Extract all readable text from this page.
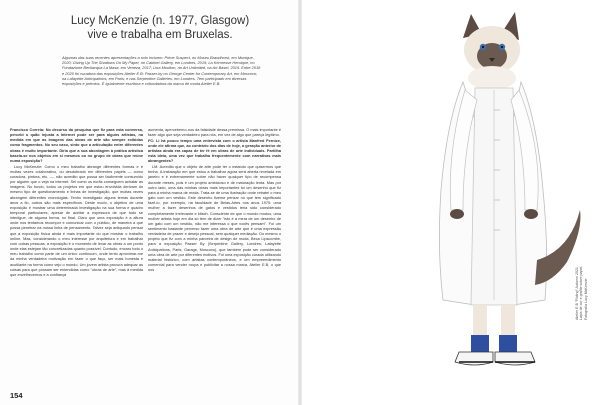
Lucy McKenzie (n. 1977, Glasgow)
vive e trabalha em Bruxelas.

Algumas das suas recentes apresentações a solo incluem: Prime Suspect, no Museu Brandhorst, em Munique, 2020; Giving Up The Shadows On My Paper, no Cabinet Gallery, em Londres, 2019; La Kermesse Heroique, no Fondazione Bevilacqua La Masa, em Veneza, 2017; Lina Moulton, no Art Unlimited, na Art Basel, 2016. Entre 2018 e 2020 foi curadora das exposições Atelier E.B: Passer-by no George Center for Contemporary Art, em Moscovo; na Lafayette Anticipations, em Paris; e nas Serpentine Galleries, em Londres. Tem participado em diversas exposições e prémios. É igualmente escritora e cofundadora da marca de moda Atelier E.B.

Francisco Correia: No decurso da pesquisa que fiz para esta conversa, percebi o quão injusta a internet pode ser para alguns artistas, na medida em que as imagens das obras de arte são sempre exibidas como fragmentos. No seu caso, sinto que a articulação entre diferentes obras é muito importante. Diria que a sua abordagem à prática artística baseia-se nos objetos em si mesmos ou no grupo de obras que reúne numa exposição?

Lucy McKenzie: Como o meu trabalho abrange diferentes formas e é muitas vezes colaborativo, ou desdobrado em diferentes papéis — como curadora, pintora, etc. —, não acredito que possa ser facilmente consumido por alguém que o veja na internet. Sei como os ecrãs conseguem achatar as imagens. No fundo, todos os projetos em que estou envolvida derivam do mesmo tipo de questionamento e linhas de investigação, que muitas vezes abrangem diferentes cronologias. Tenho investigado alguns temas durante anos a fio, outros são mais específicos. Deste modo, o objetivo de uma exposição é mostrar uma determinada investigação na sua forma e quadro temporal particulares, apesar de aceitar a espessura de que tudo se interligue, de alguma forma, no final. Claro que uma exposição é a altura onde nos tentamos recompor e comunicar com o público, de maneira a que possa penetrar na nossa linha de pensamento. Talvez seja antiquado pensar que a exposição física ainda é mais importante do que mostrar o trabalho online. Mas, considerando o meu interesse por arquitetura e em trabalhar com outras pessoas, a exposição é o momento de levar as obras a um ponto onde elas estejam tão concretizadas quanto possível. Contudo, encaro todo o meu trabalho como parte de um único continuum, onde tento aproximar-me da minha verdadeira motivação em fazer o que faço, ser mais honesta e acutilante na forma como vejo o mundo. Um jovem artista procura adequar as coisas para que possam ser entendidas como "obras de arte", mas à medida que envelhecemos e a confiança

aumenta, apercebemo-nos da falsidade dessa premissa. O mais importante é fazer algo que seja verdadeiro para nós, em vez de algo que pareça legítimo.

FC: Li há pouco tempo uma entrevista com o artista Manfred Pernice, onde ele afirma que, ao contrário dos dias de hoje, a geração anterior de artistas ainda era capaz de ter fé em obras de arte individuais. Partilha esta ideia, uma vez que trabalha frequentemente com narrativas mais abrangentes?

LM: Acredito que o objeto de arte pode ter o estatuto que quisermos que tenha. A instalação em que estou a trabalhar agora será aberta revelada em janeiro e é extremamente sobre não haver qualquer tipo de recompensa durante meses, pois é um projeto ambicioso e de maturação lenta. Mas por outro lado, uma das minhas obras mais importantes foi um desenho que fiz para a minha marca de moda. Trata-se de uma ilustração onde retratei o meu gato com um vestido. Este desenho fizeme pensar no que tem significado fazê-lo, por exemplo, na faculdade de Belas-Artes nos anos 1970: uma mulher a fazer desenhos de gatos e vestidos teria sido considerado completamente irrelevante e kitsch. Consciente de que o mundo mudou, uma mulher artista hoje em dia só tem de dizer "isto é a mera de um desenho de um gato com um vestido, não me interessa o que vocês pensam". Foi um sentimento bastante perverso fazer uma obra de arte que é uma expressão verdadeira de prazer e desejo pessoal, sem qualquer mediação. Ou mesmo o projeto que fiz com a minha parceira de design de moda, Beca Lipscombe, para a exposição Passer By (Serpentine Gallery, Londres; Lafayette Anticipations, Paris; Garage, Moscovo), que também pode ser considerado uma obra de arte por diferentes motivos. Foi uma exposição curada utilizando material histórico, com artistas contemporâneos, e um empreendimento comercial para vender roupa e publicitar a nossa marca, Atelier E.B, o que nos

154

Atelier E.B "Riding" Autumn 2021, Lápis de cor e grafite sobre papel, Fotografia Lucy McKenzie
